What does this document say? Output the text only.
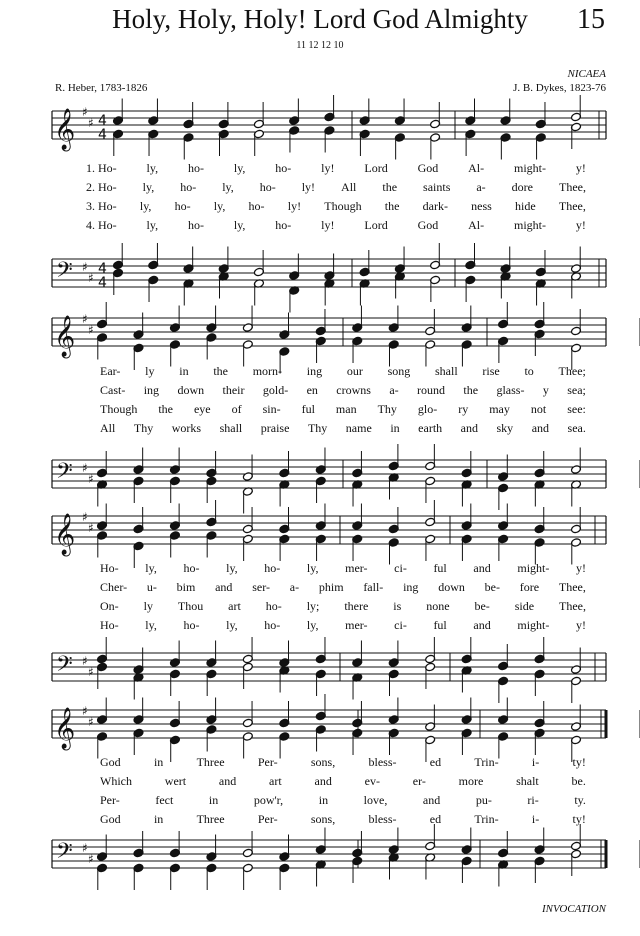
Holy, Holy, Holy! Lord God Almighty	15
11 12 12 10
NICAEA
R. Heber, 1783-1826	J. B. Dykes, 1823-76
𝄞
𝄢
♯
♯
♯
♯
4
4
4
4
𝄞
𝄢
♯
♯
♯
♯
𝄞
𝄢
♯
♯
♯
♯
𝄞
𝄢
♯
♯
♯
♯
1. Ho- ly, ho- ly, ho- ly! Lord God Al- might- y!
2. Ho- ly, ho- ly, ho- ly! All the saints a- dore Thee,
3. Ho- ly, ho- ly, ho- ly! Though the dark- ness hide Thee,
4. Ho- ly, ho- ly, ho- ly! Lord God Al- might- y!
Ear- ly in the morn- ing our song shall rise to Thee;
Cast- ing down their gold- en crowns a- round the glass- y sea;
Though the eye of sin- ful man Thy glo- ry may not see:
All Thy works shall praise Thy name in earth and sky and sea.
Ho- ly, ho- ly, ho- ly, mer- ci- ful and might- y!
Cher- u- bim and ser- a- phim fall- ing down be- fore Thee,
On- ly Thou art ho- ly; there is none be- side Thee,
Ho- ly, ho- ly, ho- ly, mer- ci- ful and might- y!
God	in	Three	Per-	sons,	bless-	ed	Trin-	i-	ty!
Which	wert	and	art	and	ev-	er-	more	shalt	be.
Per-	fect	in	pow'r,	in	love,	and	pu-	ri-	ty.
God	in	Three	Per-	sons,	bless-	ed	Trin-	i-	ty!
INVOCATION
